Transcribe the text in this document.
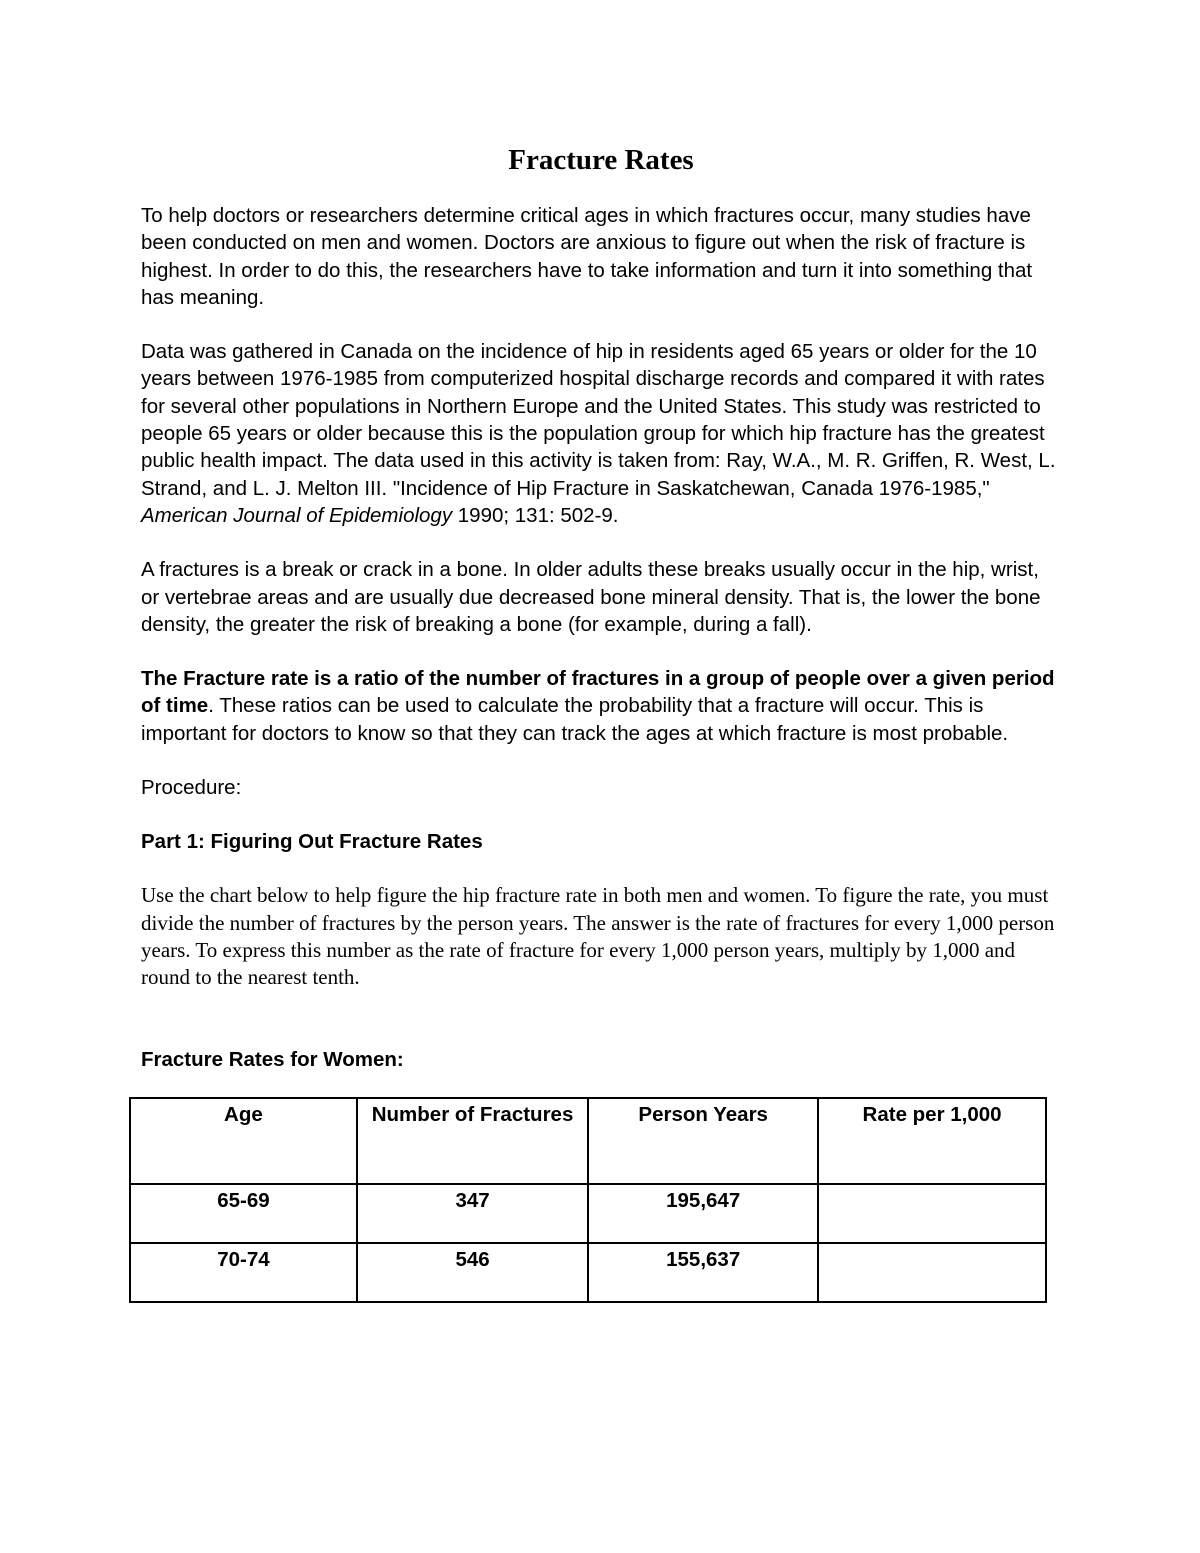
Fracture Rates

To help doctors or researchers determine critical ages in which fractures occur, many studies have been conducted on men and women. Doctors are anxious to figure out when the risk of fracture is highest. In order to do this, the researchers have to take information and turn it into something that has meaning.

Data was gathered in Canada on the incidence of hip in residents aged 65 years or older for the 10 years between 1976-1985 from computerized hospital discharge records and compared it with rates for several other populations in Northern Europe and the United States. This study was restricted to people 65 years or older because this is the population group for which hip fracture has the greatest public health impact. The data used in this activity is taken from: Ray, W.A., M. R. Griffen, R. West, L. Strand, and L. J. Melton III. "Incidence of Hip Fracture in Saskatchewan, Canada 1976-1985," American Journal of Epidemiology 1990; 131: 502-9.

A fractures is a break or crack in a bone. In older adults these breaks usually occur in the hip, wrist, or vertebrae areas and are usually due decreased bone mineral density. That is, the lower the bone density, the greater the risk of breaking a bone (for example, during a fall).

The Fracture rate is a ratio of the number of fractures in a group of people over a given period of time. These ratios can be used to calculate the probability that a fracture will occur. This is important for doctors to know so that they can track the ages at which fracture is most probable.

Procedure:

Part 1: Figuring Out Fracture Rates

Use the chart below to help figure the hip fracture rate in both men and women. To figure the rate, you must divide the number of fractures by the person years. The answer is the rate of fractures for every 1,000 person years. To express this number as the rate of fracture for every 1,000 person years, multiply by 1,000 and round to the nearest tenth.

Fracture Rates for Women:
Age	Number of Fractures	Person Years	Rate per 1,000
65-69	347	195,647	
70-74	546	155,637	
